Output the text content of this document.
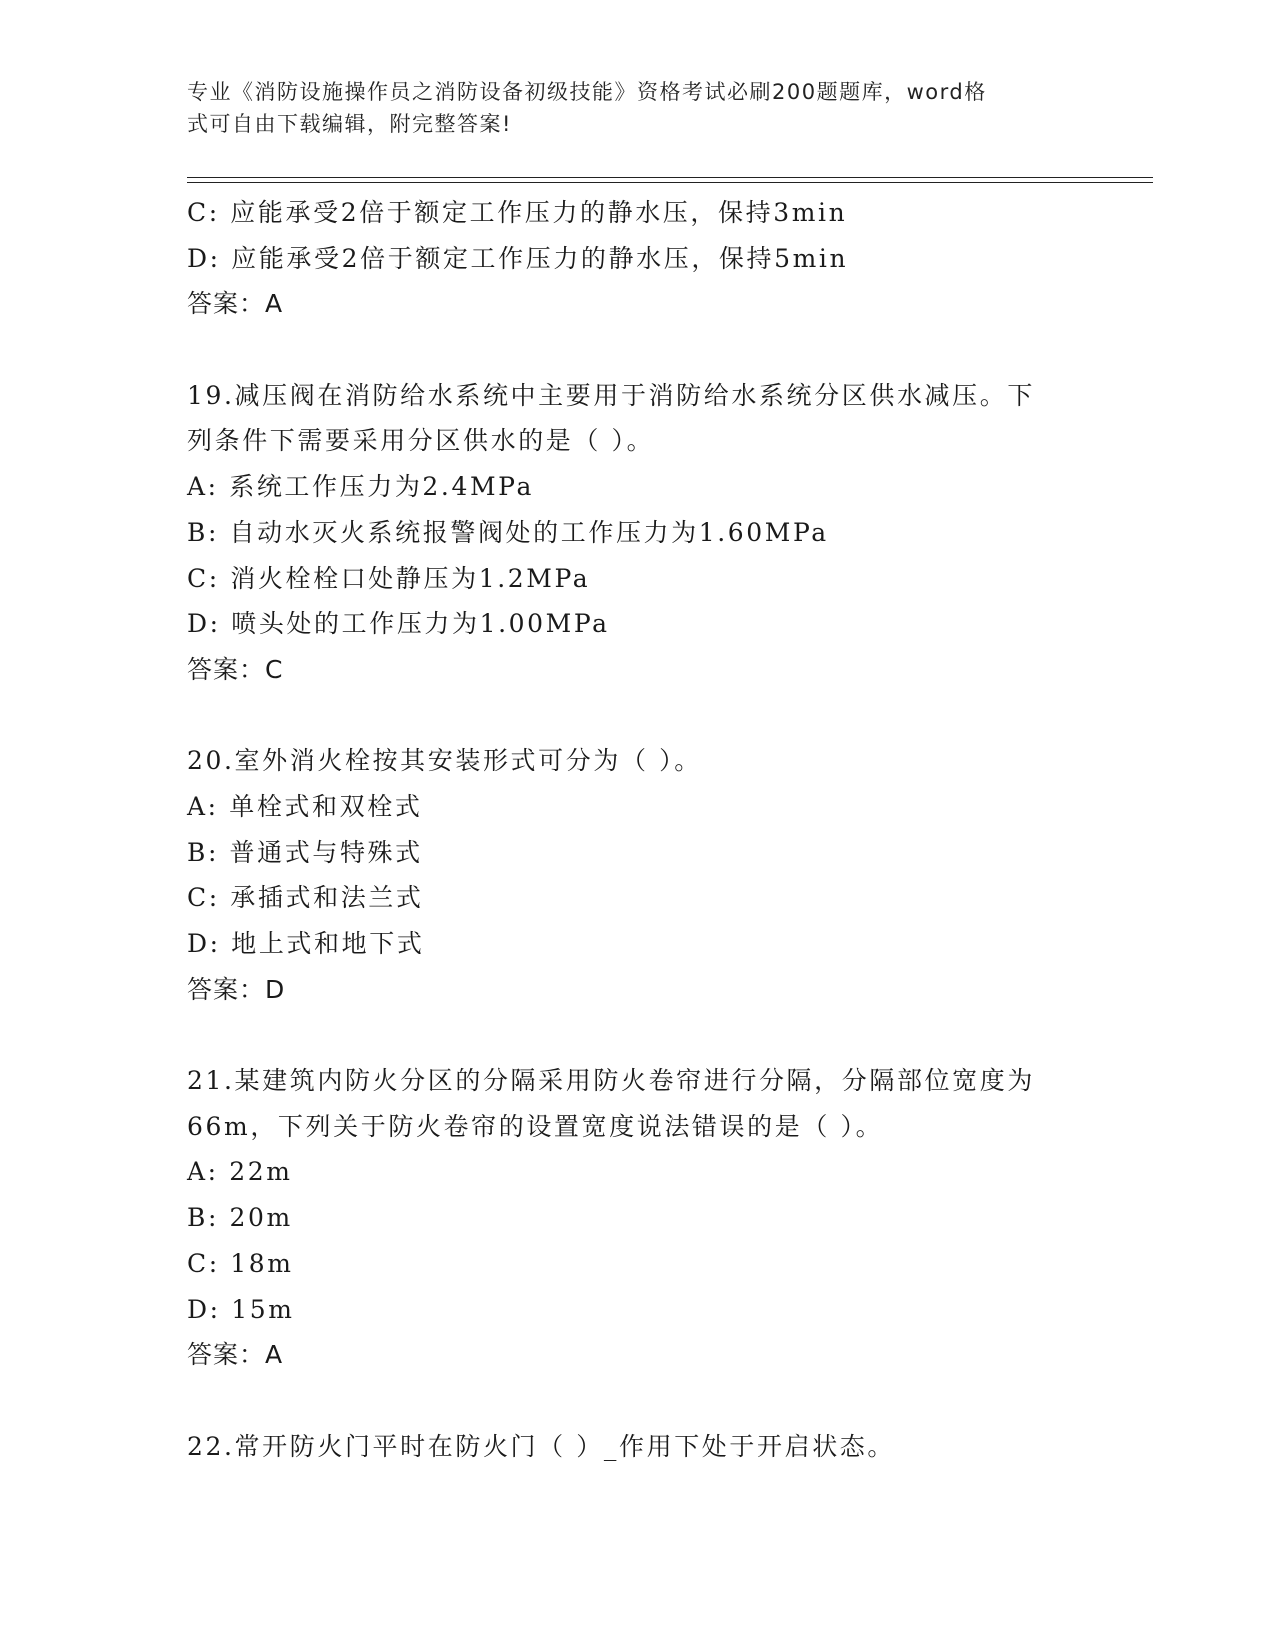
专业《消防设施操作员之消防设备初级技能》资格考试必刷200题题库，word格
式可自由下载编辑，附完整答案!
C: 应能承受2倍于额定工作压力的静水压，保持3min
D: 应能承受2倍于额定工作压力的静水压，保持5min
答案：A
19.减压阀在消防给水系统中主要用于消防给水系统分区供水减压。下
列条件下需要采用分区供水的是（ ）。
A: 系统工作压力为2.4MPa
B: 自动水灭火系统报警阀处的工作压力为1.60MPa
C: 消火栓栓口处静压为1.2MPa
D: 喷头处的工作压力为1.00MPa
答案：C
20.室外消火栓按其安装形式可分为（ ）。
A: 单栓式和双栓式
B: 普通式与特殊式
C: 承插式和法兰式
D: 地上式和地下式
答案：D
21.某建筑内防火分区的分隔采用防火卷帘进行分隔，分隔部位宽度为
66m，下列关于防火卷帘的设置宽度说法错误的是（ ）。
A: 22m
B: 20m
C: 18m
D: 15m
答案：A
22.常开防火门平时在防火门（ ）_作用下处于开启状态。
